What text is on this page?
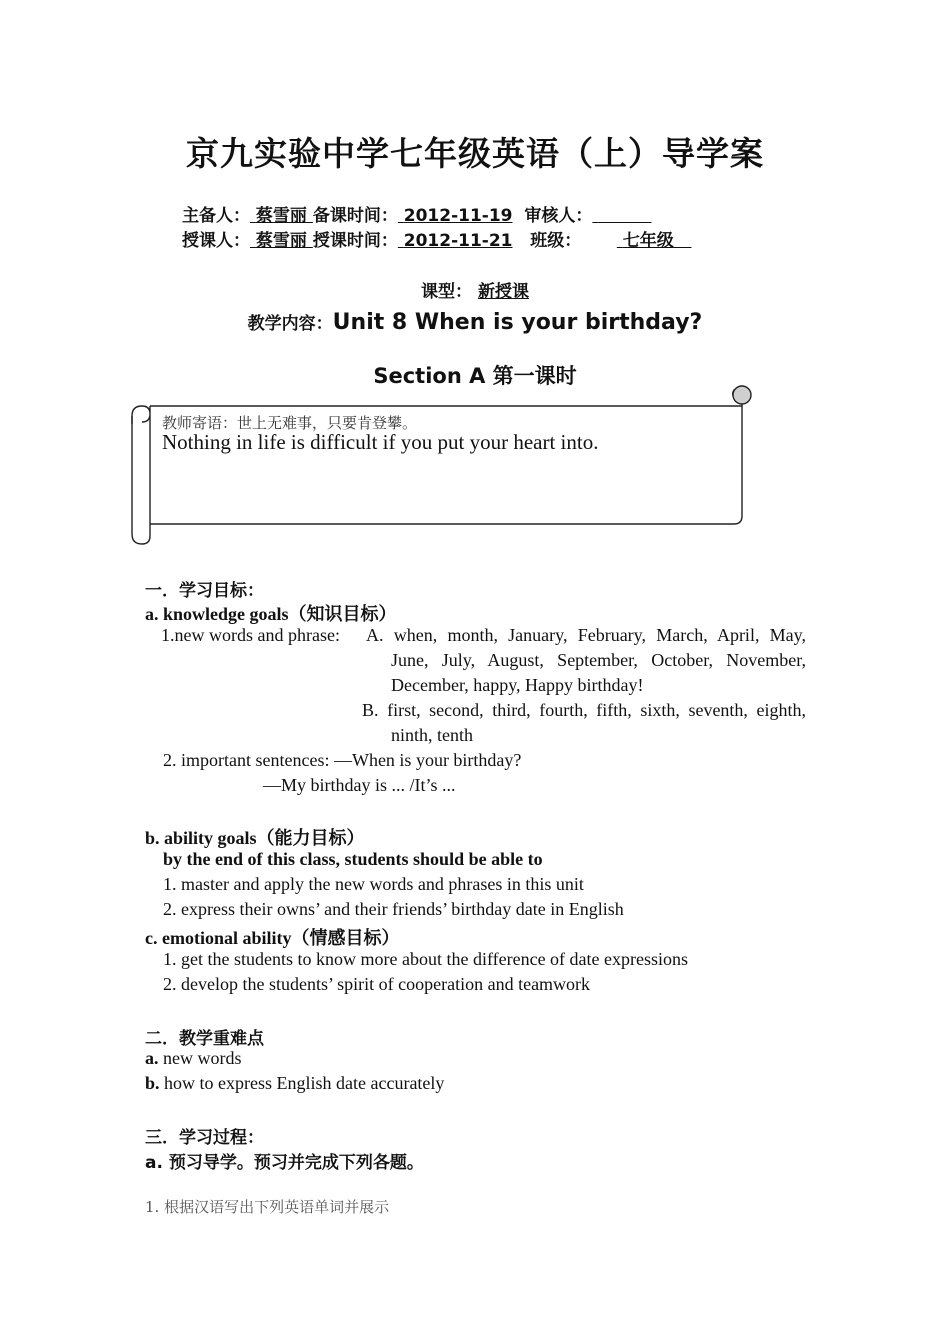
京九实验中学七年级英语（上）导学案
主备人： 蔡雪丽 备课时间： 2012-11-19 审核人：
授课人： 蔡雪丽 授课时间： 2012-11-21 班级： 七年级
课型： 新授课
教学内容：Unit 8 When is your birthday?
Section A 第一课时
教师寄语：世上无难事，只要肯登攀。
Nothing in life is difficult if you put your heart into.
一．学习目标：
a. knowledge goals（知识目标）
1.new words and phrase: A. when, month, January, February, March, April, May,
June, July, August, September, October, November,
December, happy, Happy birthday!
B. first, second, third, fourth, fifth, sixth, seventh, eighth,
ninth, tenth
2. important sentences: —When is your birthday?
—My birthday is ... /It’s ...
b. ability goals（能力目标）
by the end of this class, students should be able to
1. master and apply the new words and phrases in this unit
2. express their owns’ and their friends’ birthday date in English
c. emotional ability（情感目标）
1. get the students to know more about the difference of date expressions
2. develop the students’ spirit of cooperation and teamwork
二．教学重难点
a. new words
b. how to express English date accurately
三．学习过程：
a. 预习导学。预习并完成下列各题。
1. 根据汉语写出下列英语单词并展示
